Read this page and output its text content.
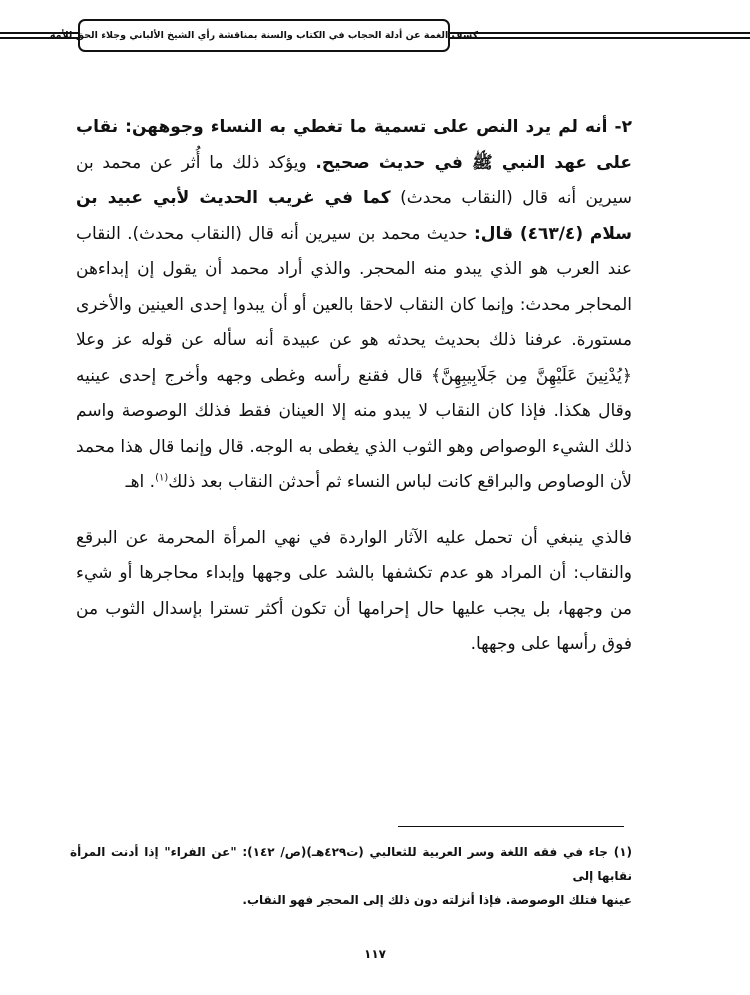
كشف الغمة عن أدلة الحجاب في الكتاب والسنة بمناقشة رأي الشيخ الألباني وجلاء الحق للأمة

٢- أنه لم يرد النص على تسمية ما تغطي به النساء وجوههن: نقاب على عهد النبي ﷺ في حديث صحيح. ويؤكد ذلك ما أُثر عن محمد بن سيرين أنه قال (النقاب محدث) كما في غريب الحديث لأبي عبيد بن سلام (٤٦٣/٤) قال: حديث محمد بن سيرين أنه قال (النقاب محدث). النقاب عند العرب هو الذي يبدو منه المحجر. والذي أراد محمد أن يقول إن إبداءهن المحاجر محدث: وإنما كان النقاب لاحقا بالعين أو أن يبدوا إحدى العينين والأخرى مستورة. عرفنا ذلك بحديث يحدثه هو عن عبيدة أنه سأله عن قوله عز وعلا ﴿يُدْنِينَ عَلَيْهِنَّ مِن جَلَابِيبِهِنَّ﴾ قال فقنع رأسه وغطى وجهه وأخرج إحدى عينيه وقال هكذا. فإذا كان النقاب لا يبدو منه إلا العينان فقط فذلك الوصوصة واسم ذلك الشيء الوصواص وهو الثوب الذي يغطى به الوجه. قال وإنما قال هذا محمد لأن الوصاوص والبراقع كانت لباس النساء ثم أحدثن النقاب بعد ذلك$^{(١)}$. اهـ

فالذي ينبغي أن تحمل عليه الآثار الواردة في نهي المرأة المحرمة عن البرقع والنقاب: أن المراد هو عدم تكشفها بالشد على وجهها وإبداء محاجرها أو شيء من وجهها، بل يجب عليها حال إحرامها أن تكون أكثر تسترا بإسدال الثوب من فوق رأسها على وجهها.

(١) جاء في فقه اللغة وسر العربية للثعالبي (ت٤٢٩هـ)(ص/ ١٤٢): "عن الفراء" إذا أدنت المرأة نقابها إلى

عينها فتلك الوصوصة. فإذا أنزلته دون ذلك إلى المحجر فهو النقاب.

١١٧
